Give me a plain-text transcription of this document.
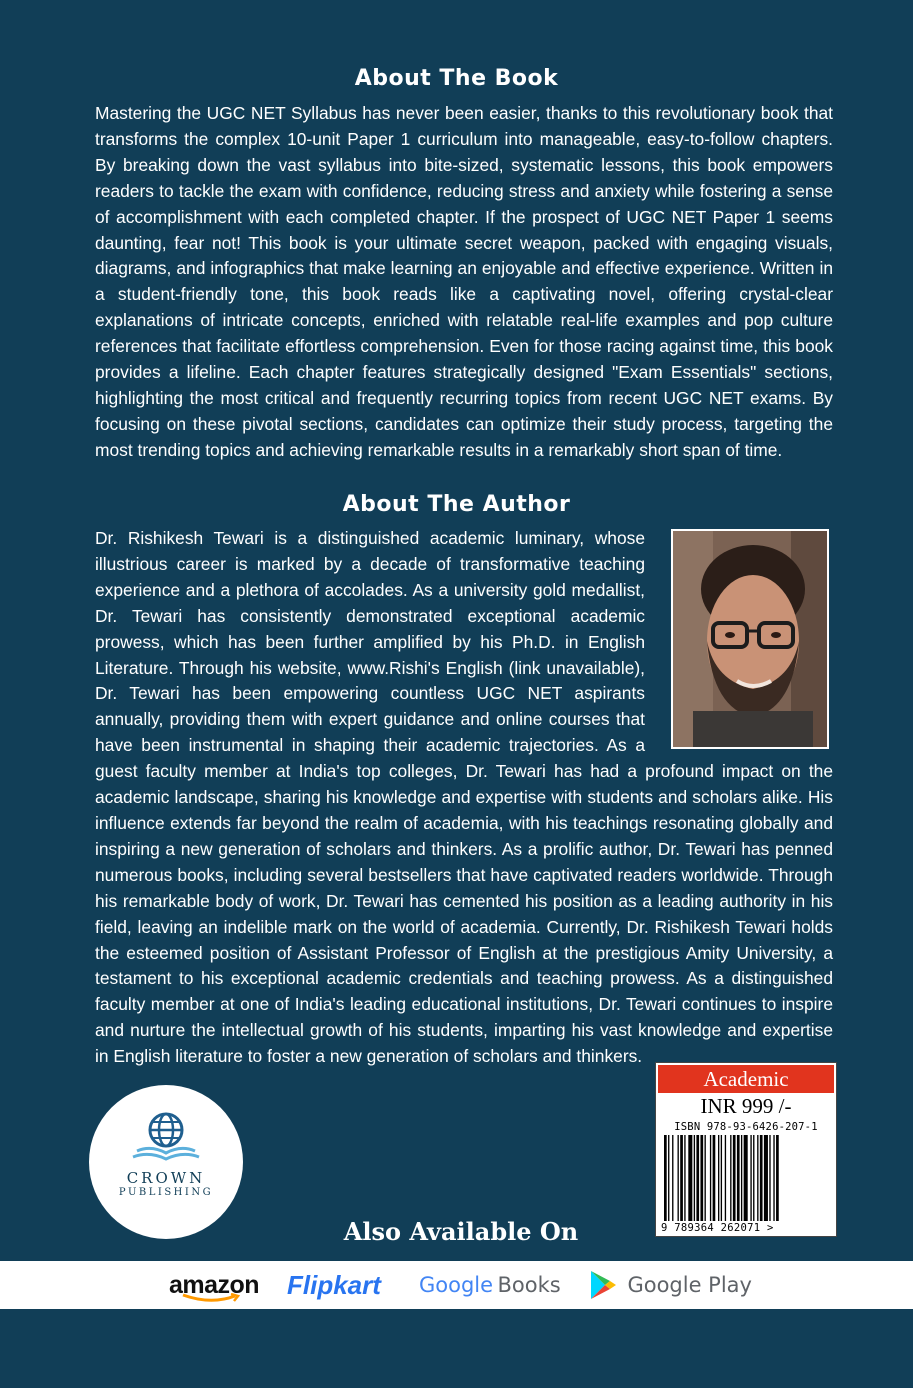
About The Book

Mastering the UGC NET Syllabus has never been easier, thanks to this revolutionary book that transforms the complex 10-unit Paper 1 curriculum into manageable, easy-to-follow chapters. By breaking down the vast syllabus into bite-sized, systematic lessons, this book empowers readers to tackle the exam with confidence, reducing stress and anxiety while fostering a sense of accomplishment with each completed chapter. If the prospect of UGC NET Paper 1 seems daunting, fear not! This book is your ultimate secret weapon, packed with engaging visuals, diagrams, and infographics that make learning an enjoyable and effective experience. Written in a student-friendly tone, this book reads like a captivating novel, offering crystal-clear explanations of intricate concepts, enriched with relatable real-life examples and pop culture references that facilitate effortless comprehension. Even for those racing against time, this book provides a lifeline. Each chapter features strategically designed "Exam Essentials" sections, highlighting the most critical and frequently recurring topics from recent UGC NET exams. By focusing on these pivotal sections, candidates can optimize their study process, targeting the most trending topics and achieving remarkable results in a remarkably short span of time.

About The Author
Dr. Rishikesh Tewari is a distinguished academic luminary, whose illustrious career is marked by a decade of transformative teaching experience and a plethora of accolades. As a university gold medallist, Dr. Tewari has consistently demonstrated exceptional academic prowess, which has been further amplified by his Ph.D. in English Literature. Through his website, www.Rishi's English (link unavailable), Dr. Tewari has been empowering countless UGC NET aspirants annually, providing them with expert guidance and online courses that have been instrumental in shaping their academic trajectories. As a guest faculty member at India's top colleges, Dr. Tewari has had a profound impact on the academic landscape, sharing his knowledge and expertise with students and scholars alike. His influence extends far beyond the realm of academia, with his teachings resonating globally and inspiring a new generation of scholars and thinkers. As a prolific author, Dr. Tewari has penned numerous books, including several bestsellers that have captivated readers worldwide. Through his remarkable body of work, Dr. Tewari has cemented his position as a leading authority in his field, leaving an indelible mark on the world of academia. Currently, Dr. Rishikesh Tewari holds the esteemed position of Assistant Professor of English at the prestigious Amity University, a testament to his exceptional academic credentials and teaching prowess. As a distinguished faculty member at one of India's leading educational institutions, Dr. Tewari continues to inspire and nurture the intellectual growth of his students, imparting his vast knowledge and expertise in English literature to foster a new generation of scholars and thinkers.
CROWN
PUBLISHING
Academic
INR 999 /-
ISBN 978-93-6426-207-1
9 789364 262071 >
Also Available On
amazon Flipkart Google Books	Google Play
